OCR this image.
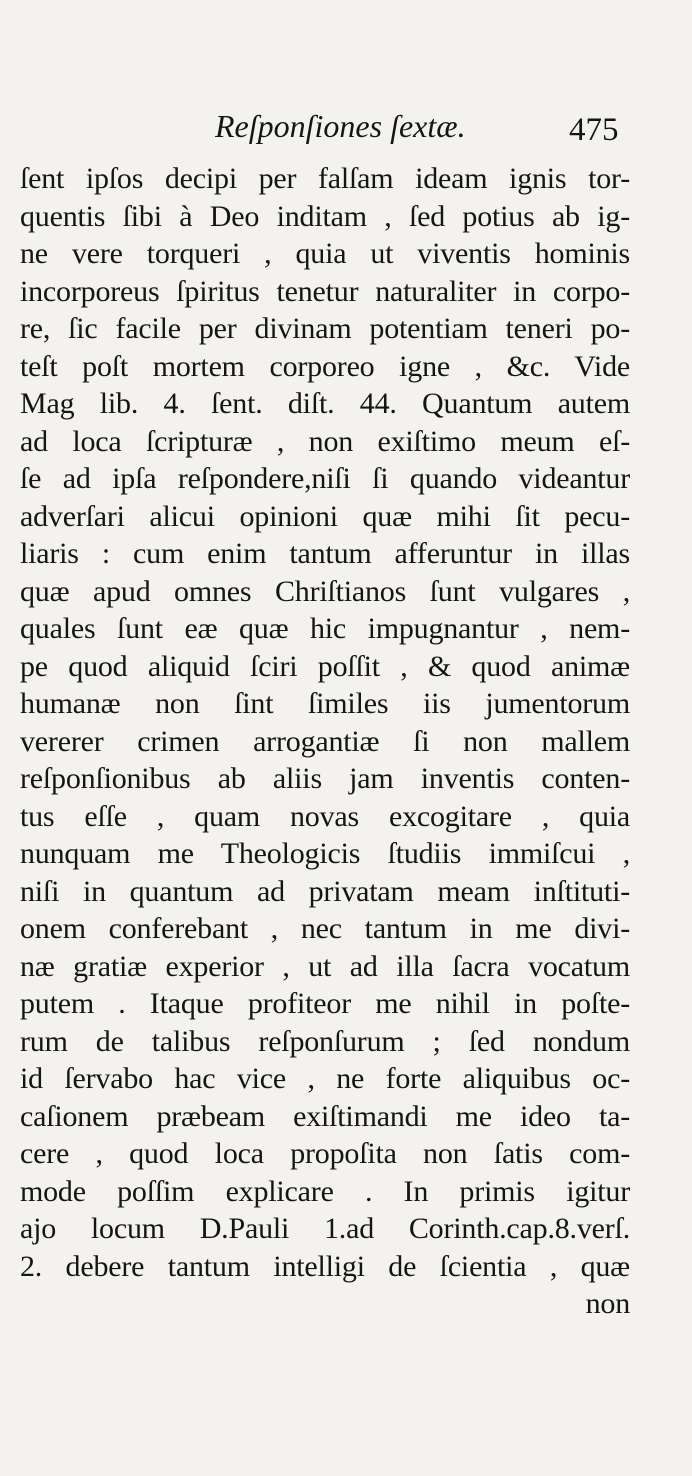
Reſponſiones ſextæ.	475
ſent ipſos decipi per falſam ideam ignis tor-
quentis ſibi à Deo inditam , ſed potius ab ig-
ne vere torqueri , quia ut viventis hominis
incorporeus ſpiritus tenetur naturaliter in corpo-
re, ſic facile per divinam potentiam teneri po-
teſt poſt mortem corporeo igne , &c. Vide
Mag lib. 4. ſent. diſt. 44. Quantum autem
ad loca ſcripturæ , non exiſtimo meum eſ-
ſe ad ipſa reſpondere,niſi ſi quando videantur
adverſari alicui opinioni quæ mihi ſit pecu-
liaris : cum enim tantum afferuntur in illas
quæ apud omnes Chriſtianos ſunt vulgares ,
quales ſunt eæ quæ hic impugnantur , nem-
pe quod aliquid ſciri poſſit , & quod animæ
humanæ non ſint ſimiles iis jumentorum
vererer crimen arrogantiæ ſi non mallem
reſponſionibus ab aliis jam inventis conten-
tus eſſe , quam novas excogitare , quia
nunquam me Theologicis ſtudiis immiſcui ,
niſi in quantum ad privatam meam inſtituti-
onem conferebant , nec tantum in me divi-
næ gratiæ experior , ut ad illa ſacra vocatum
putem . Itaque profiteor me nihil in poſte-
rum de talibus reſponſurum ; ſed nondum
id ſervabo hac vice , ne forte aliquibus oc-
caſionem præbeam exiſtimandi me ideo ta-
cere , quod loca propoſita non ſatis com-
mode poſſim explicare . In primis igitur
ajo locum D.Pauli 1.ad Corinth.cap.8.verſ.
2. debere tantum intelligi de ſcientia , quæ
non
